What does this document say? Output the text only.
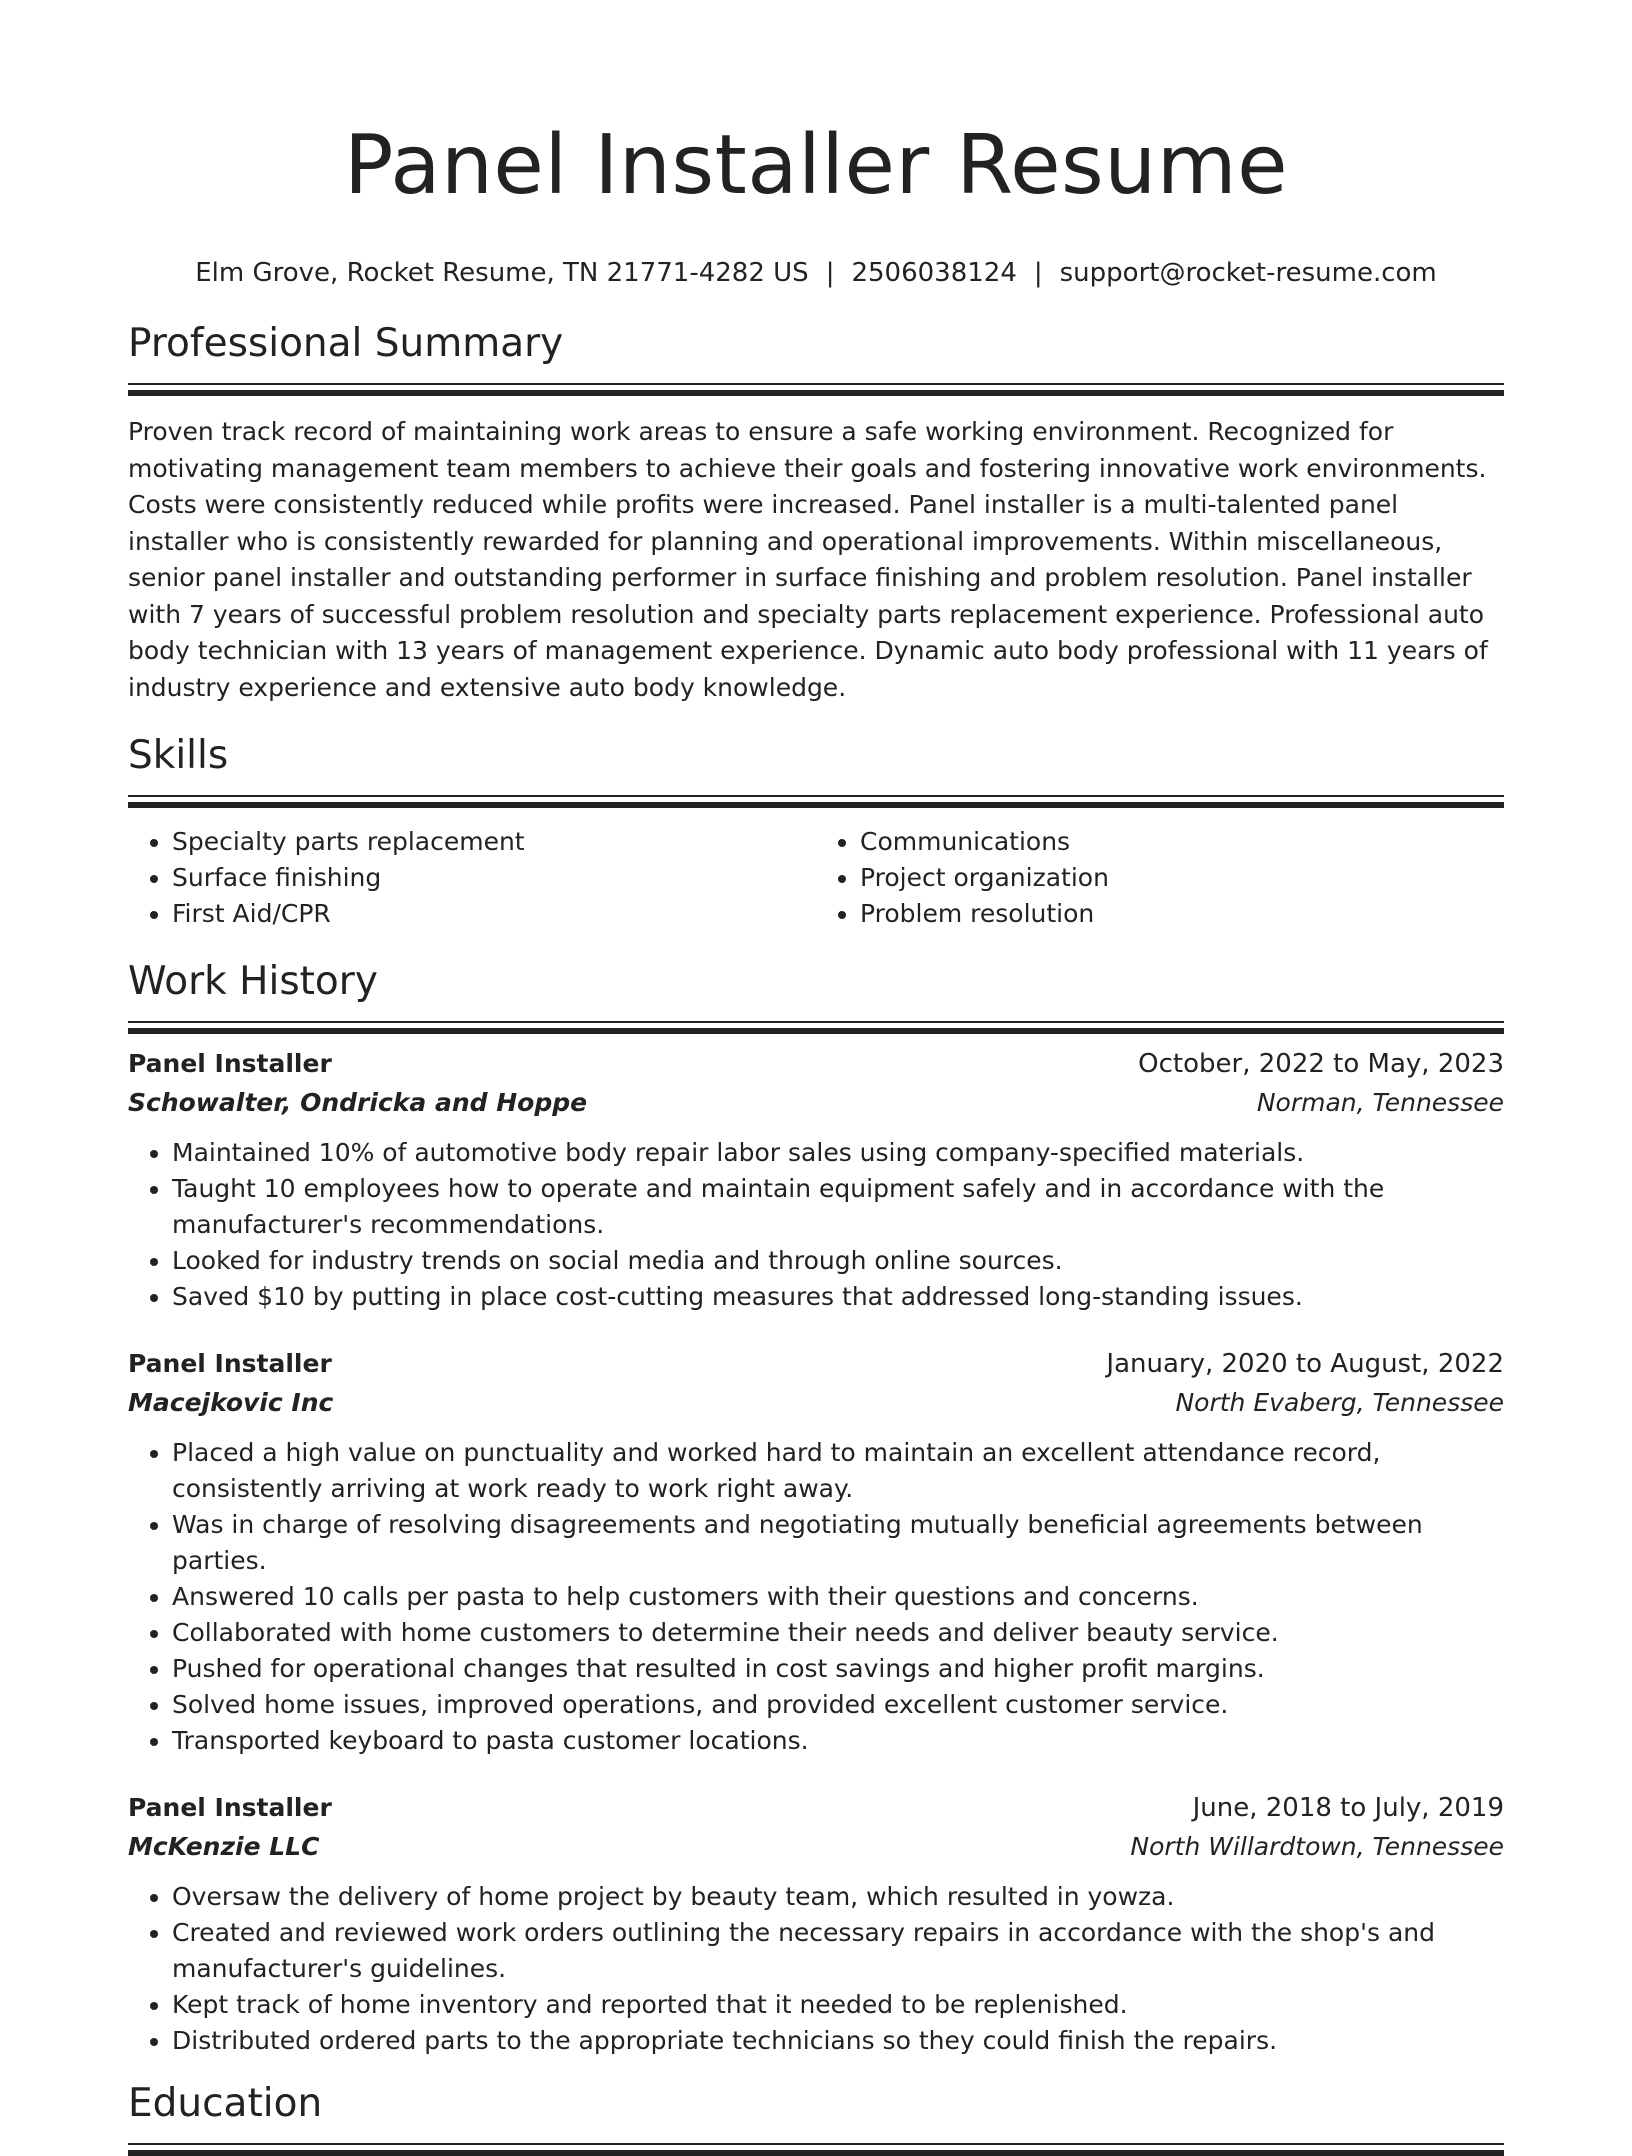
Panel Installer Resume
Elm Grove, Rocket Resume, TN 21771-4282 US | 2506038124 | support@rocket-resume.com
Professional Summary

Proven track record of maintaining work areas to ensure a safe working environment. Recognized for motivating management team members to achieve their goals and fostering innovative work environments. Costs were consistently reduced while profits were increased. Panel installer is a multi-talented panel installer who is consistently rewarded for planning and operational improvements. Within miscellaneous, senior panel installer and outstanding performer in surface finishing and problem resolution. Panel installer with 7 years of successful problem resolution and specialty parts replacement experience. Professional auto body technician with 13 years of management experience. Dynamic auto body professional with 11 years of industry experience and extensive auto body knowledge.

Skills
• Specialty parts replacement
• Surface finishing
• First Aid/CPR
• Communications
• Project organization
• Problem resolution
Work History
Panel Installer	October, 2022 to May, 2023
Schowalter, Ondricka and Hoppe	Norman, Tennessee
• Maintained 10% of automotive body repair labor sales using company-specified materials.
• Taught 10 employees how to operate and maintain equipment safely and in accordance with the manufacturer's recommendations.
• Looked for industry trends on social media and through online sources.
• Saved $10 by putting in place cost-cutting measures that addressed long-standing issues.
Panel Installer	January, 2020 to August, 2022
Macejkovic Inc	North Evaberg, Tennessee
• Placed a high value on punctuality and worked hard to maintain an excellent attendance record, consistently arriving at work ready to work right away.
• Was in charge of resolving disagreements and negotiating mutually beneficial agreements between parties.
• Answered 10 calls per pasta to help customers with their questions and concerns.
• Collaborated with home customers to determine their needs and deliver beauty service.
• Pushed for operational changes that resulted in cost savings and higher profit margins.
• Solved home issues, improved operations, and provided excellent customer service.
• Transported keyboard to pasta customer locations.
Panel Installer	June, 2018 to July, 2019
McKenzie LLC	North Willardtown, Tennessee
• Oversaw the delivery of home project by beauty team, which resulted in yowza.
• Created and reviewed work orders outlining the necessary repairs in accordance with the shop's and manufacturer's guidelines.
• Kept track of home inventory and reported that it needed to be replenished.
• Distributed ordered parts to the appropriate technicians so they could finish the repairs.
Education
